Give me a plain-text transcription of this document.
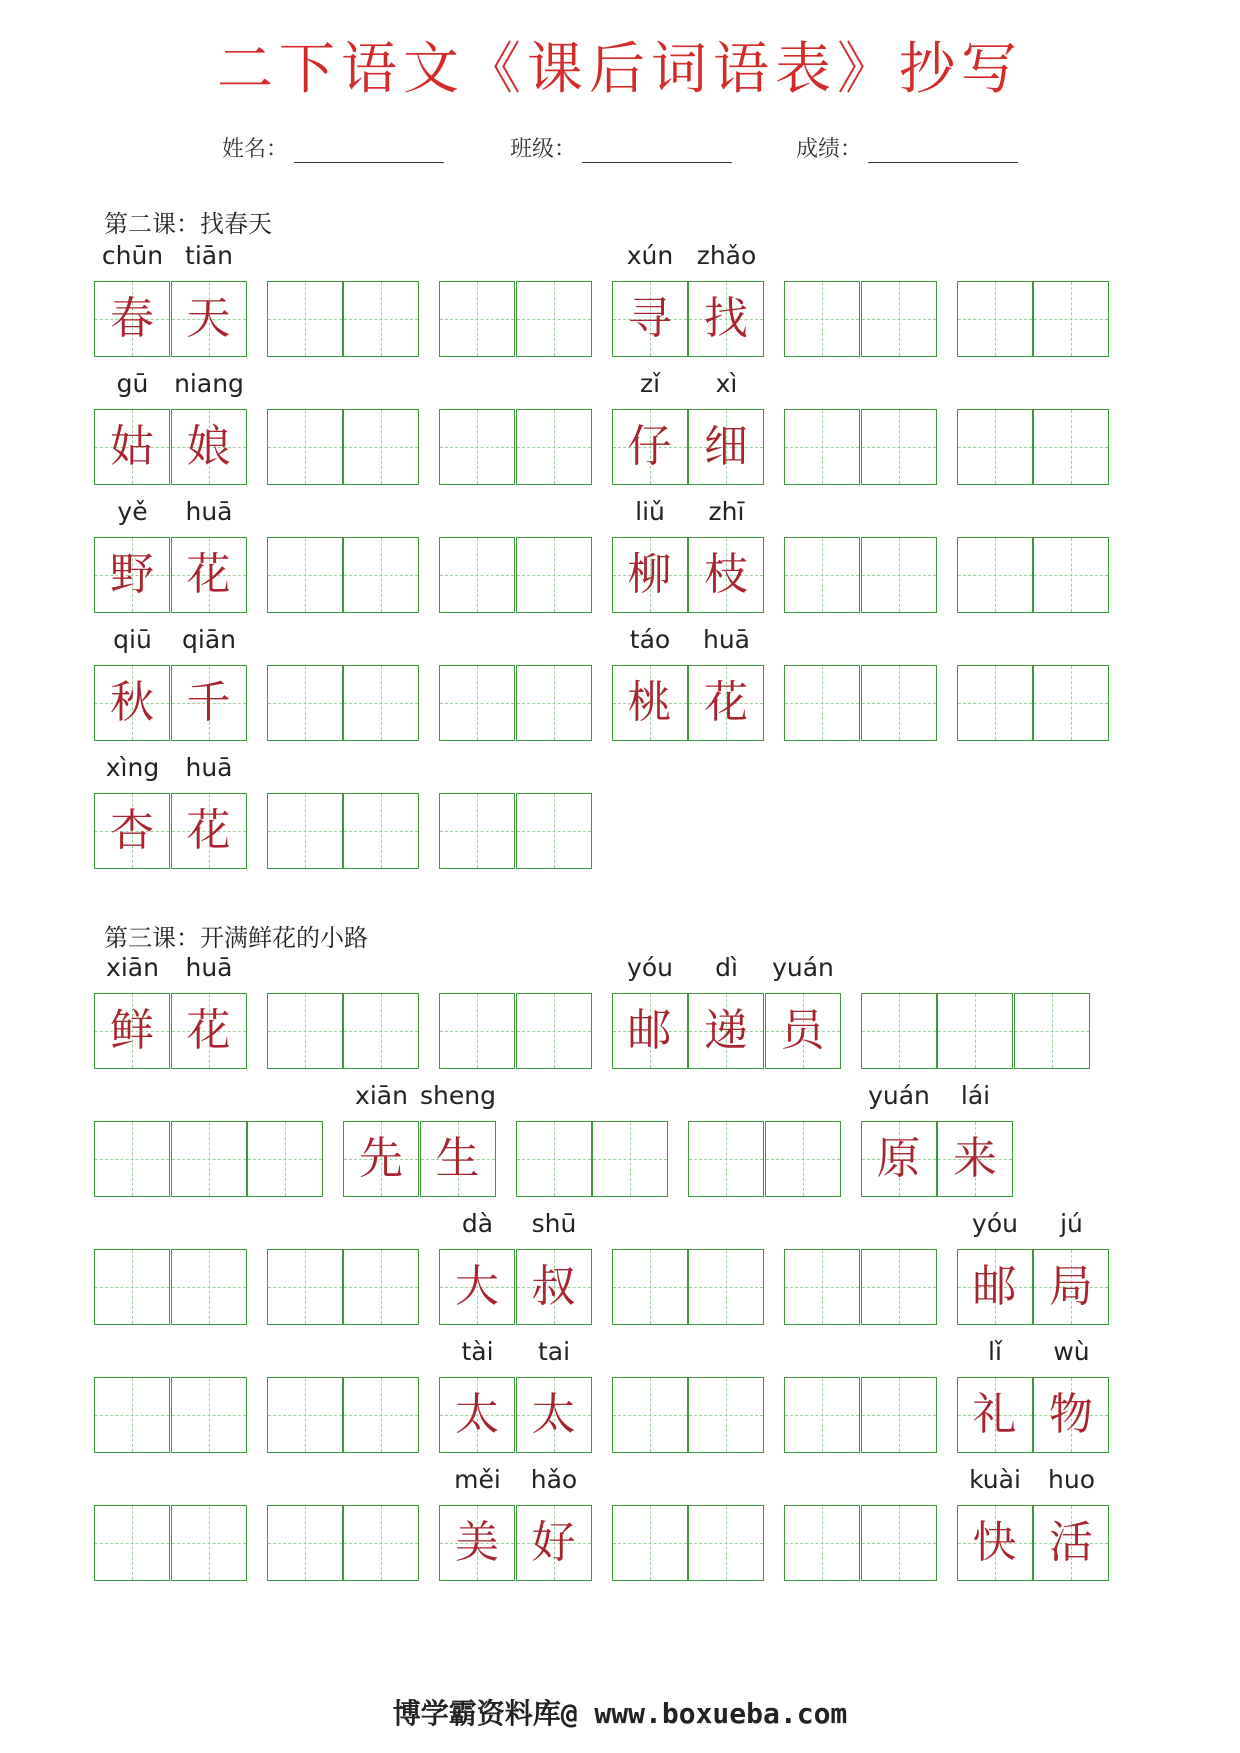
二下语文《课后词语表》抄写
姓名：	班级：	成绩：
第二课：找春天
chūn
春
tiān
天
xún
寻
zhǎo
找
gū
姑
niang
娘
zǐ
仔
xì
细
yě
野
huā
花
liǔ
柳
zhī
枝
qiū
秋
qiān
千
táo
桃
huā
花
xìng
杏
huā
花
第三课：开满鲜花的小路
xiān
鲜
huā
花
yóu
邮
dì
递
yuán
员
xiān
先
sheng
生
yuán
原
lái
来
dà
大
shū
叔
yóu
邮
jú
局
tài
太
tai
太
lǐ
礼
wù
物
měi
美
hǎo
好
kuài
快
huo
活
博学霸资料库@ www.boxueba.com
